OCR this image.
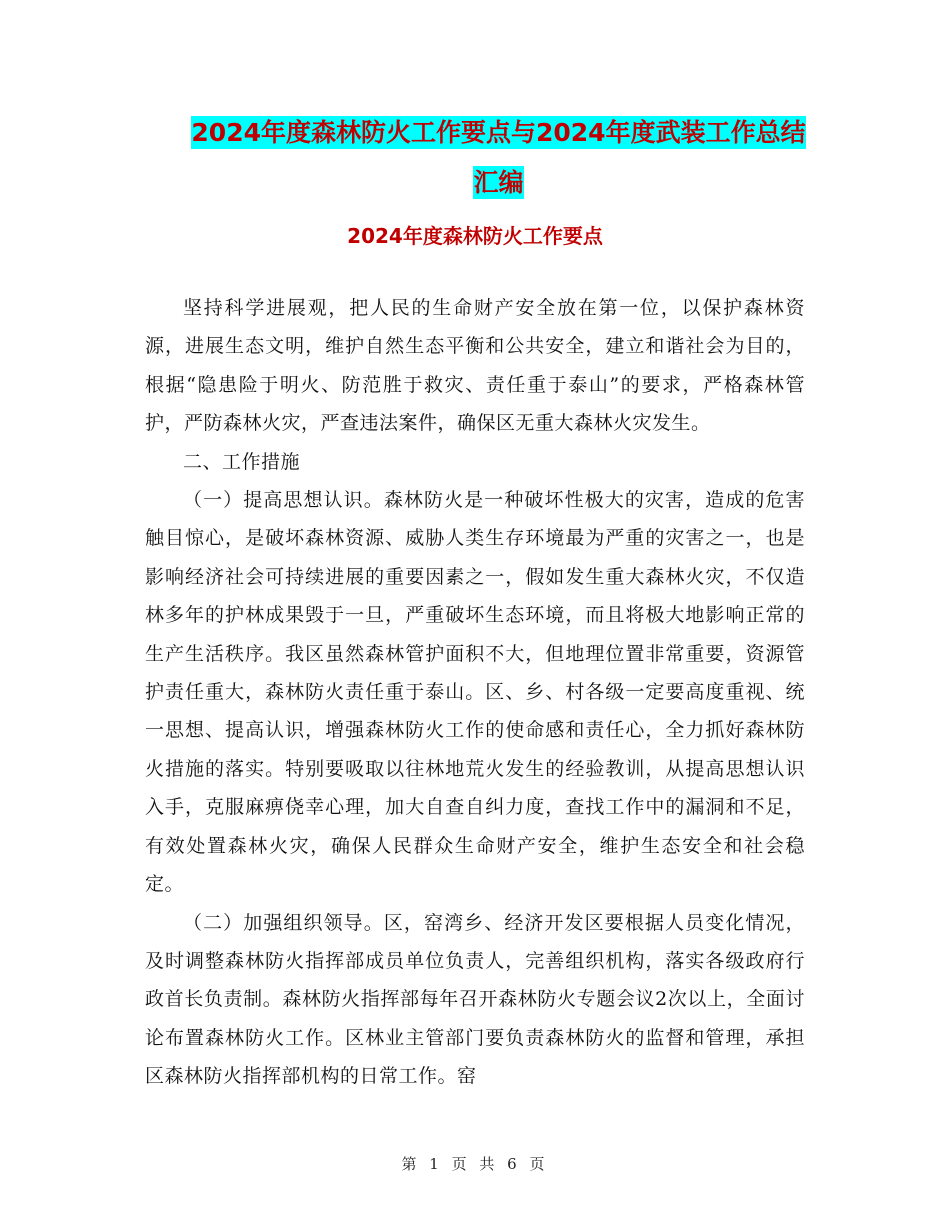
2024年度森林防火工作要点与2024年度武装工作总结汇编
2024年度森林防火工作要点

坚持科学进展观，把人民的生命财产安全放在第一位，以保护森林资源，进展生态文明，维护自然生态平衡和公共安全，建立和谐社会为目的，根据“隐患险于明火、防范胜于救灾、责任重于泰山”的要求，严格森林管护，严防森林火灾，严查违法案件，确保区无重大森林火灾发生。

二、工作措施

（一）提高思想认识。森林防火是一种破坏性极大的灾害，造成的危害触目惊心，是破坏森林资源、威胁人类生存环境最为严重的灾害之一，也是影响经济社会可持续进展的重要因素之一，假如发生重大森林火灾，不仅造林多年的护林成果毁于一旦，严重破坏生态环境，而且将极大地影响正常的生产生活秩序。我区虽然森林管护面积不大，但地理位置非常重要，资源管护责任重大，森林防火责任重于泰山。区、乡、村各级一定要高度重视、统一思想、提高认识，增强森林防火工作的使命感和责任心，全力抓好森林防火措施的落实。特别要吸取以往林地荒火发生的经验教训，从提高思想认识入手，克服麻痹侥幸心理，加大自查自纠力度，查找工作中的漏洞和不足，有效处置森林火灾，确保人民群众生命财产安全，维护生态安全和社会稳定。

（二）加强组织领导。区，窑湾乡、经济开发区要根据人员变化情况，及时调整森林防火指挥部成员单位负责人，完善组织机构，落实各级政府行政首长负责制。森林防火指挥部每年召开森林防火专题会议2次以上，全面讨论布置森林防火工作。区林业主管部门要负责森林防火的监督和管理，承担区森林防火指挥部机构的日常工作。窑

第 1 页 共 6 页
